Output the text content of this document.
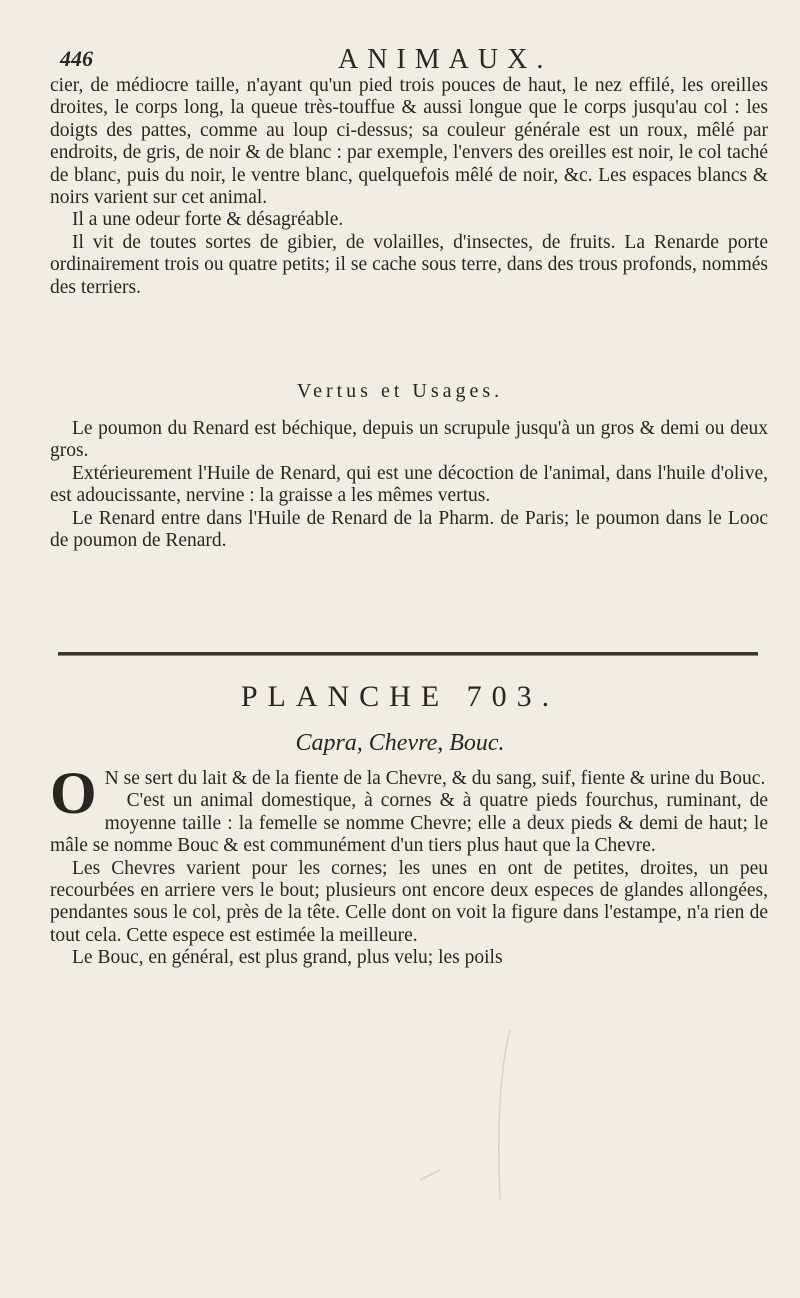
446	ANIMAUX.

cier, de médiocre taille, n'ayant qu'un pied trois pouces de haut, le nez effilé, les oreilles droites, le corps long, la queue très-touffue & aussi longue que le corps jusqu'au col : les doigts des pattes, comme au loup ci-dessus; sa couleur générale est un roux, mêlé par endroits, de gris, de noir & de blanc : par exemple, l'envers des oreilles est noir, le col taché de blanc, puis du noir, le ventre blanc, quelquefois mêlé de noir, &c. Les espaces blancs & noirs varient sur cet animal.

Il a une odeur forte & désagréable.

Il vit de toutes sortes de gibier, de volailles, d'insectes, de fruits. La Renarde porte ordinairement trois ou quatre petits; il se cache sous terre, dans des trous profonds, nommés des terriers.

Vertus et Usages.

Le poumon du Renard est béchique, depuis un scrupule jusqu'à un gros & demi ou deux gros.

Extérieurement l'Huile de Renard, qui est une décoction de l'animal, dans l'huile d'olive, est adoucissante, nervine : la graisse a les mêmes vertus.

Le Renard entre dans l'Huile de Renard de la Pharm. de Paris; le poumon dans le Looc de poumon de Renard.

PLANCHE 703.
Capra, Chevre, Bouc.

O N se sert du lait & de la fiente de la Chevre, & du sang, suif, fiente & urine du Bouc.

C'est un animal domestique, à cornes & à quatre pieds fourchus, ruminant, de moyenne taille : la femelle se nomme Chevre; elle a deux pieds & demi de haut; le mâle se nomme Bouc & est communément d'un tiers plus haut que la Chevre.

Les Chevres varient pour les cornes; les unes en ont de petites, droites, un peu recourbées en arriere vers le bout; plusieurs ont encore deux especes de glandes allongées, pendantes sous le col, près de la tête. Celle dont on voit la figure dans l'estampe, n'a rien de tout cela. Cette espece est estimée la meilleure.

Le Bouc, en général, est plus grand, plus velu; les poils
